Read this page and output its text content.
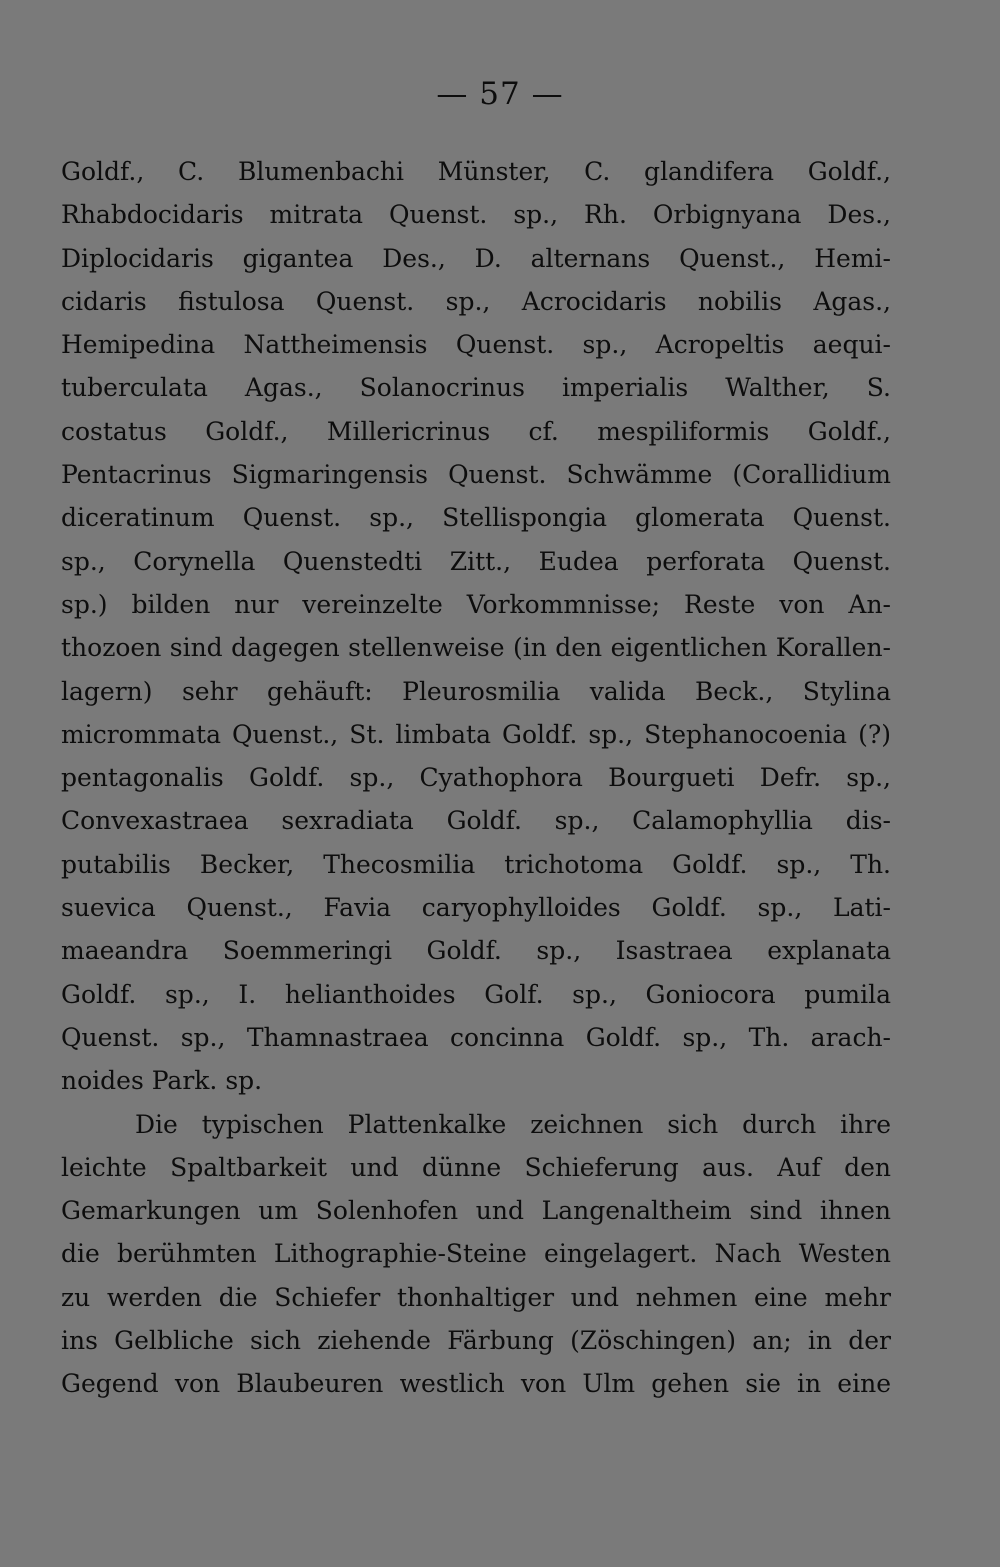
— 57 —
Goldf., C. Blumenbachi Münster, C. glandifera Goldf.,
Rhabdocidaris mitrata Quenst. sp., Rh. Orbignyana Des.,
Diplocidaris gigantea Des., D. alternans Quenst., Hemi-
cidaris fistulosa Quenst. sp., Acrocidaris nobilis Agas.,
Hemipedina Nattheimensis Quenst. sp., Acropeltis aequi-
tuberculata Agas., Solanocrinus imperialis Walther, S.
costatus Goldf., Millericrinus cf. mespiliformis Goldf.,
Pentacrinus Sigmaringensis Quenst. Schwämme (Corallidium
diceratinum Quenst. sp., Stellispongia glomerata Quenst.
sp., Corynella Quenstedti Zitt., Eudea perforata Quenst.
sp.) bilden nur vereinzelte Vorkommnisse; Reste von An-
thozoen sind dagegen stellenweise (in den eigentlichen Korallen-
lagern) sehr gehäuft: Pleurosmilia valida Beck., Stylina
micrommata Quenst., St. limbata Goldf. sp., Stephanocoenia (?)
pentagonalis Goldf. sp., Cyathophora Bourgueti Defr. sp.,
Convexastraea sexradiata Goldf. sp., Calamophyllia dis-
putabilis Becker, Thecosmilia trichotoma Goldf. sp., Th.
suevica Quenst., Favia caryophylloides Goldf. sp., Lati-
maeandra Soemmeringi Goldf. sp., Isastraea explanata
Goldf. sp., I. helianthoides Golf. sp., Goniocora pumila
Quenst. sp., Thamnastraea concinna Goldf. sp., Th. arach-
noides Park. sp.
Die typischen Plattenkalke zeichnen sich durch ihre
leichte Spaltbarkeit und dünne Schieferung aus. Auf den
Gemarkungen um Solenhofen und Langenaltheim sind ihnen
die berühmten Lithographie-Steine eingelagert. Nach Westen
zu werden die Schiefer thonhaltiger und nehmen eine mehr
ins Gelbliche sich ziehende Färbung (Zöschingen) an; in der
Gegend von Blaubeuren westlich von Ulm gehen sie in eine
